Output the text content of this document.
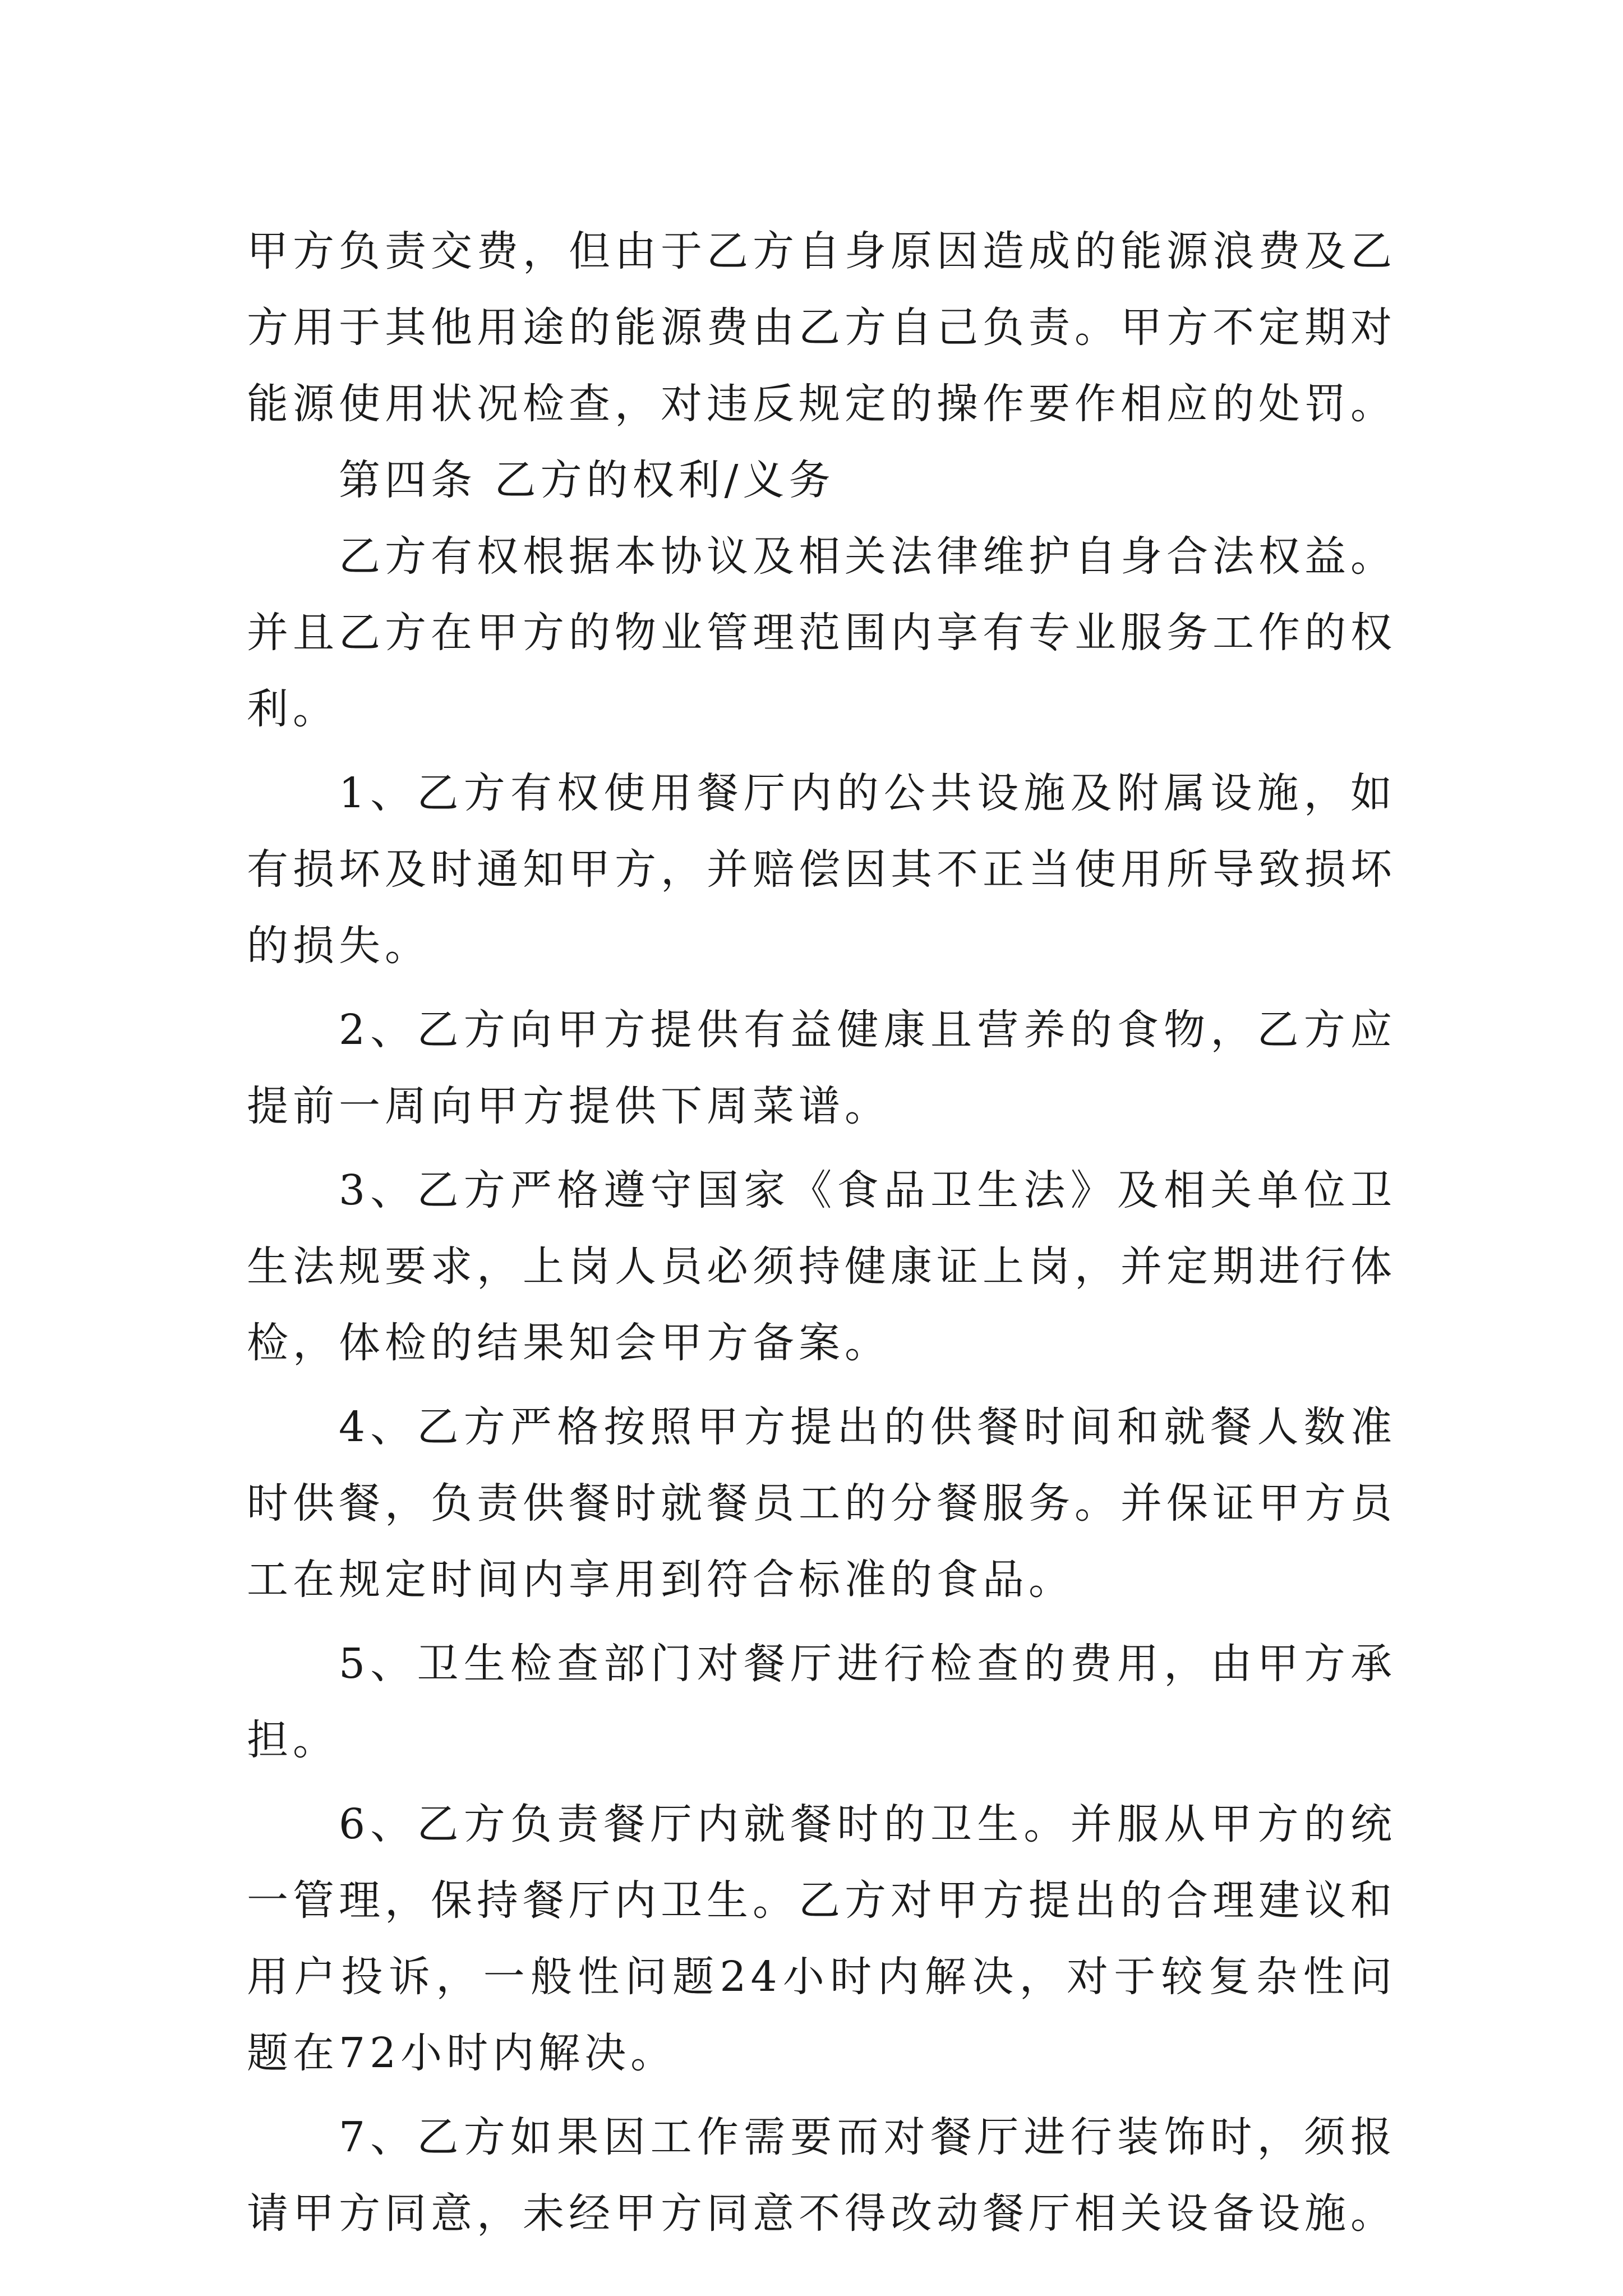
甲方负责交费，但由于乙方自身原因造成的能源浪费及乙方用于其他用途的能源费由乙方自己负责。甲方不定期对能源使用状况检查，对违反规定的操作要作相应的处罚。

第四条 乙方的权利/义务

乙方有权根据本协议及相关法律维护自身合法权益。并且乙方在甲方的物业管理范围内享有专业服务工作的权利。

1、乙方有权使用餐厅内的公共设施及附属设施，如有损坏及时通知甲方，并赔偿因其不正当使用所导致损坏的损失。

2、乙方向甲方提供有益健康且营养的食物，乙方应提前一周向甲方提供下周菜谱。

3、乙方严格遵守国家《食品卫生法》及相关单位卫生法规要求，上岗人员必须持健康证上岗，并定期进行体检，体检的结果知会甲方备案。

4、乙方严格按照甲方提出的供餐时间和就餐人数准时供餐，负责供餐时就餐员工的分餐服务。并保证甲方员工在规定时间内享用到符合标准的食品。

5、卫生检查部门对餐厅进行检查的费用，由甲方承担。

6、乙方负责餐厅内就餐时的卫生。并服从甲方的统一管理，保持餐厅内卫生。乙方对甲方提出的合理建议和用户投诉，一般性问题24小时内解决，对于较复杂性问题在72小时内解决。

7、乙方如果因工作需要而对餐厅进行装饰时，须报请甲方同意，未经甲方同意不得改动餐厅相关设备设施。
